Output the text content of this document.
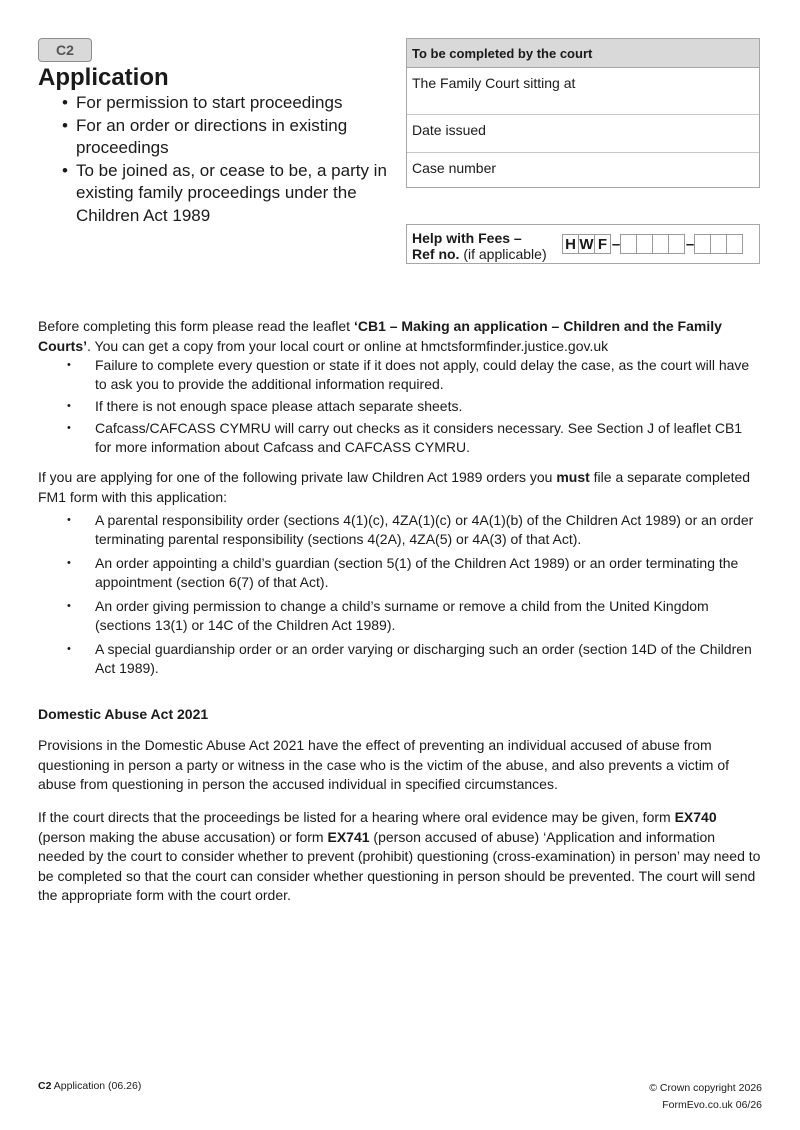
C2
Application
• For permission to start proceedings
• For an order or directions in existing proceedings
• To be joined as, or cease to be, a party in existing family proceedings under the Children Act 1989
To be completed by the court
The Family Court sitting at
Date issued
Case number
Help with Fees –
Ref no. (if applicable)
H W F –	–

Before completing this form please read the leaflet ‘CB1 – Making an application – Children and the Family Courts’. You can get a copy from your local court or online at hmctsformfinder.justice.gov.uk

• Failure to complete every question or state if it does not apply, could delay the case, as the court will have to ask you to provide the additional information required.
• If there is not enough space please attach separate sheets.
• Cafcass/CAFCASS CYMRU will carry out checks as it considers necessary. See Section J of leaflet CB1 for more information about Cafcass and CAFCASS CYMRU.

If you are applying for one of the following private law Children Act 1989 orders you must file a separate completed FM1 form with this application:

• A parental responsibility order (sections 4(1)(c), 4ZA(1)(c) or 4A(1)(b) of the Children Act 1989) or an order terminating parental responsibility (sections 4(2A), 4ZA(5) or 4A(3) of that Act).
• An order appointing a child’s guardian (section 5(1) of the Children Act 1989) or an order terminating the appointment (section 6(7) of that Act).
• An order giving permission to change a child’s surname or remove a child from the United Kingdom (sections 13(1) or 14C of the Children Act 1989).
• A special guardianship order or an order varying or discharging such an order (section 14D of the Children Act 1989).
Domestic Abuse Act 2021

Provisions in the Domestic Abuse Act 2021 have the effect of preventing an individual accused of abuse from questioning in person a party or witness in the case who is the victim of the abuse, and also prevents a victim of abuse from questioning in person the accused individual in specified circumstances.

If the court directs that the proceedings be listed for a hearing where oral evidence may be given, form EX740 (person making the abuse accusation) or form EX741 (person accused of abuse) ‘Application and information needed by the court to consider whether to prevent (prohibit) questioning (cross-examination) in person’ may need to be completed so that the court can consider whether questioning in person should be prevented. The court will send the appropriate form with the court order.

C2 Application (06.26)	© Crown copyright 2026
FormEvo.co.uk 06/26
